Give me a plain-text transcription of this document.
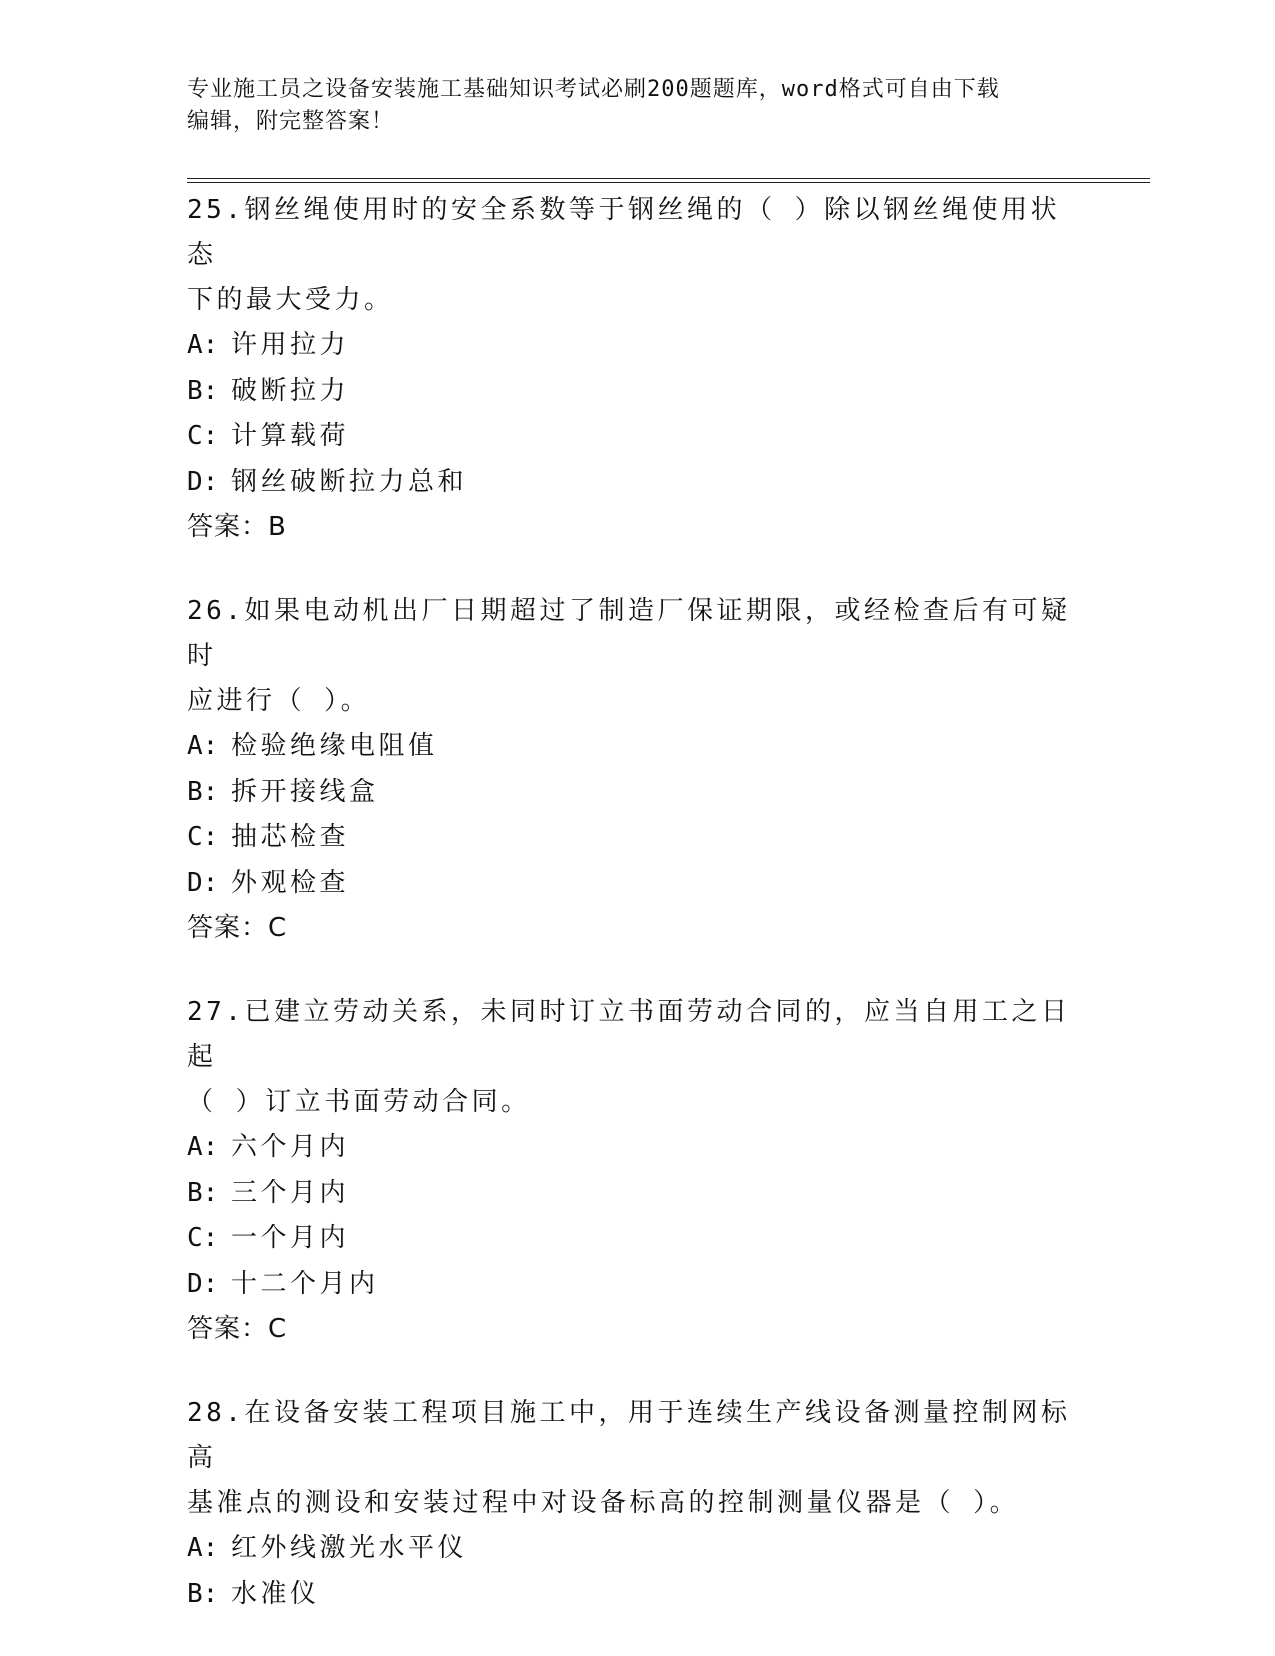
专业施工员之设备安装施工基础知识考试必刷200题题库，word格式可自由下载
编辑，附完整答案！

25.钢丝绳使用时的安全系数等于钢丝绳的（ ）除以钢丝绳使用状态
下的最大受力。

A: 许用拉力

B: 破断拉力

C: 计算载荷

D: 钢丝破断拉力总和

答案：B

26.如果电动机出厂日期超过了制造厂保证期限，或经检查后有可疑时
应进行（ ）。

A: 检验绝缘电阻值

B: 拆开接线盒

C: 抽芯检查

D: 外观检查

答案：C

27.已建立劳动关系，未同时订立书面劳动合同的，应当自用工之日起
（ ）订立书面劳动合同。

A: 六个月内

B: 三个月内

C: 一个月内

D: 十二个月内

答案：C

28.在设备安装工程项目施工中，用于连续生产线设备测量控制网标高
基准点的测设和安装过程中对设备标高的控制测量仪器是（ ）。

A: 红外线激光水平仪

B: 水准仪
